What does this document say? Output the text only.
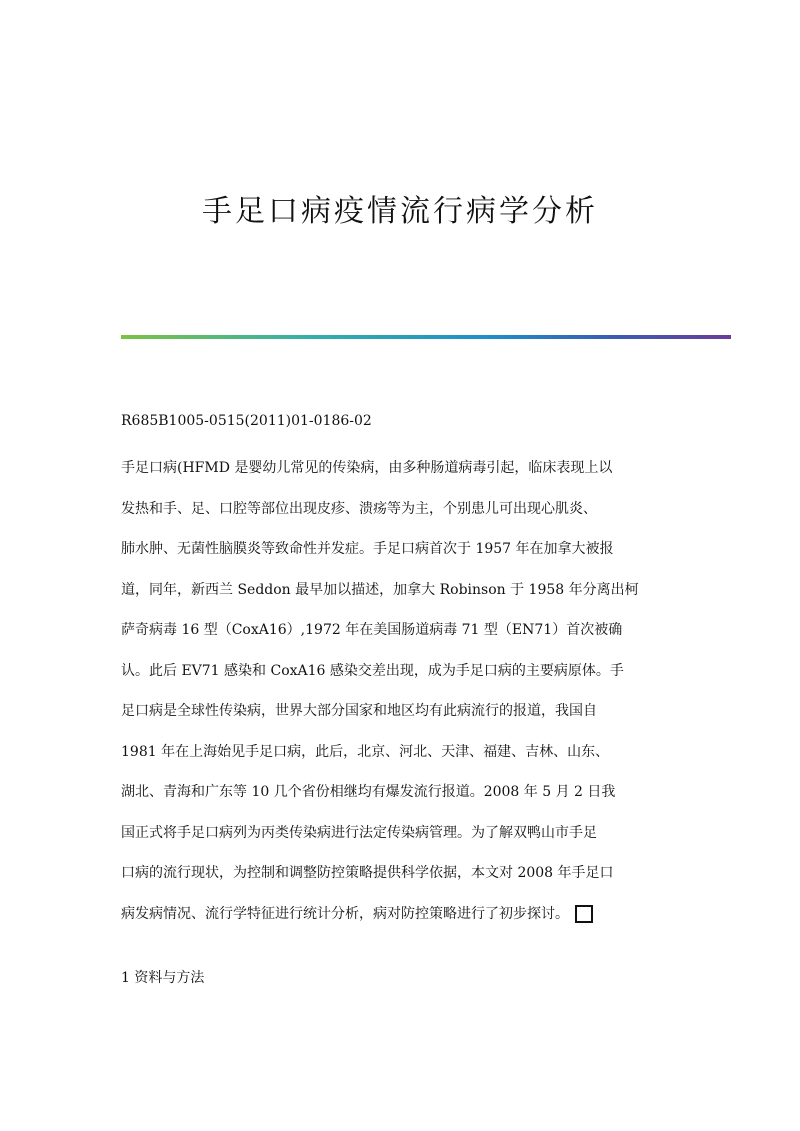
手足口病疫情流行病学分析

R685B1005-0515(2011)01-0186-02

手足口病(HFMD 是婴幼儿常见的传染病，由多种肠道病毒引起，临床表现上以
发热和手、足、口腔等部位出现皮疹、溃疡等为主，个别患儿可出现心肌炎、
肺水肿、无菌性脑膜炎等致命性并发症。手足口病首次于 1957 年在加拿大被报
道，同年，新西兰 Seddon 最早加以描述，加拿大 Robinson 于 1958 年分离出柯
萨奇病毒 16 型（CoxA16）,1972 年在美国肠道病毒 71 型（EN71）首次被确
认。此后 EV71 感染和 CoxA16 感染交差出现，成为手足口病的主要病原体。手
足口病是全球性传染病，世界大部分国家和地区均有此病流行的报道，我国自
1981 年在上海始见手足口病，此后，北京、河北、天津、福建、吉林、山东、
湖北、青海和广东等 10 几个省份相继均有爆发流行报道。2008 年 5 月 2 日我
国正式将手足口病列为丙类传染病进行法定传染病管理。为了解双鸭山市手足
口病的流行现状，为控制和调整防控策略提供科学依据，本文对 2008 年手足口
病发病情况、流行学特征进行统计分析，病对防控策略进行了初步探讨。

1 资料与方法
